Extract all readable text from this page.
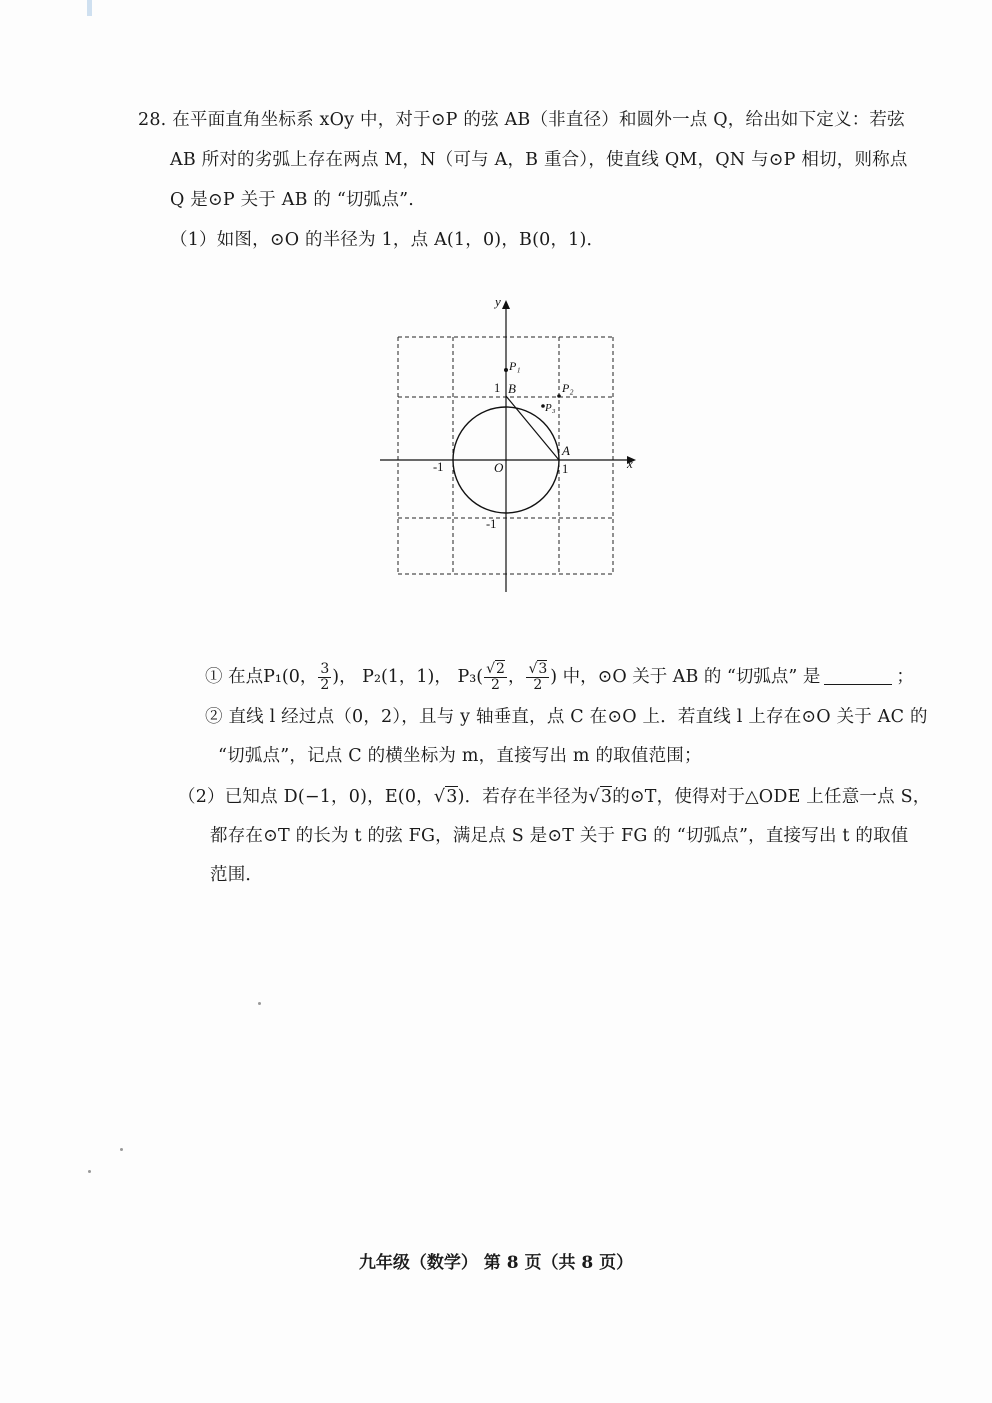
28. 在平面直角坐标系 xOy 中，对于⊙P 的弦 AB（非直径）和圆外一点 Q，给出如下定义：若弦
AB 所对的劣弧上存在两点 M，N（可与 A，B 重合），使直线 QM，QN 与⊙P 相切，则称点
Q 是⊙P 关于 AB 的 “切弧点”.
（1）如图，⊙O 的半径为 1，点 A(1，0)，B(0，1)．
y
x
O
B
A
P₁
P₂
P₃
1
1
-1
-1
① 在点P₁(0， $\frac{3}{2}$ )， P₂(1，1)， $P_3( \frac{√2}{2}$ ， $\frac{√3}{2}$ ) 中，⊙O 关于 AB 的 “切弧点” 是	；
② 直线 l 经过点（0，2），且与 y 轴垂直，点 C 在⊙O 上．若直线 l 上存在⊙O 关于 AC 的
“切弧点”，记点 C 的横坐标为 m，直接写出 m 的取值范围；
（2）已知点 D(−1，0)，E(0，√3)．若存在半径为√3的⊙T，使得对于△ODE 上任意一点 S，
都存在⊙T 的长为 t 的弦 FG，满足点 S 是⊙T 关于 FG 的 “切弧点”，直接写出 t 的取值
范围．
九年级（数学） 第 8 页（共 8 页）
